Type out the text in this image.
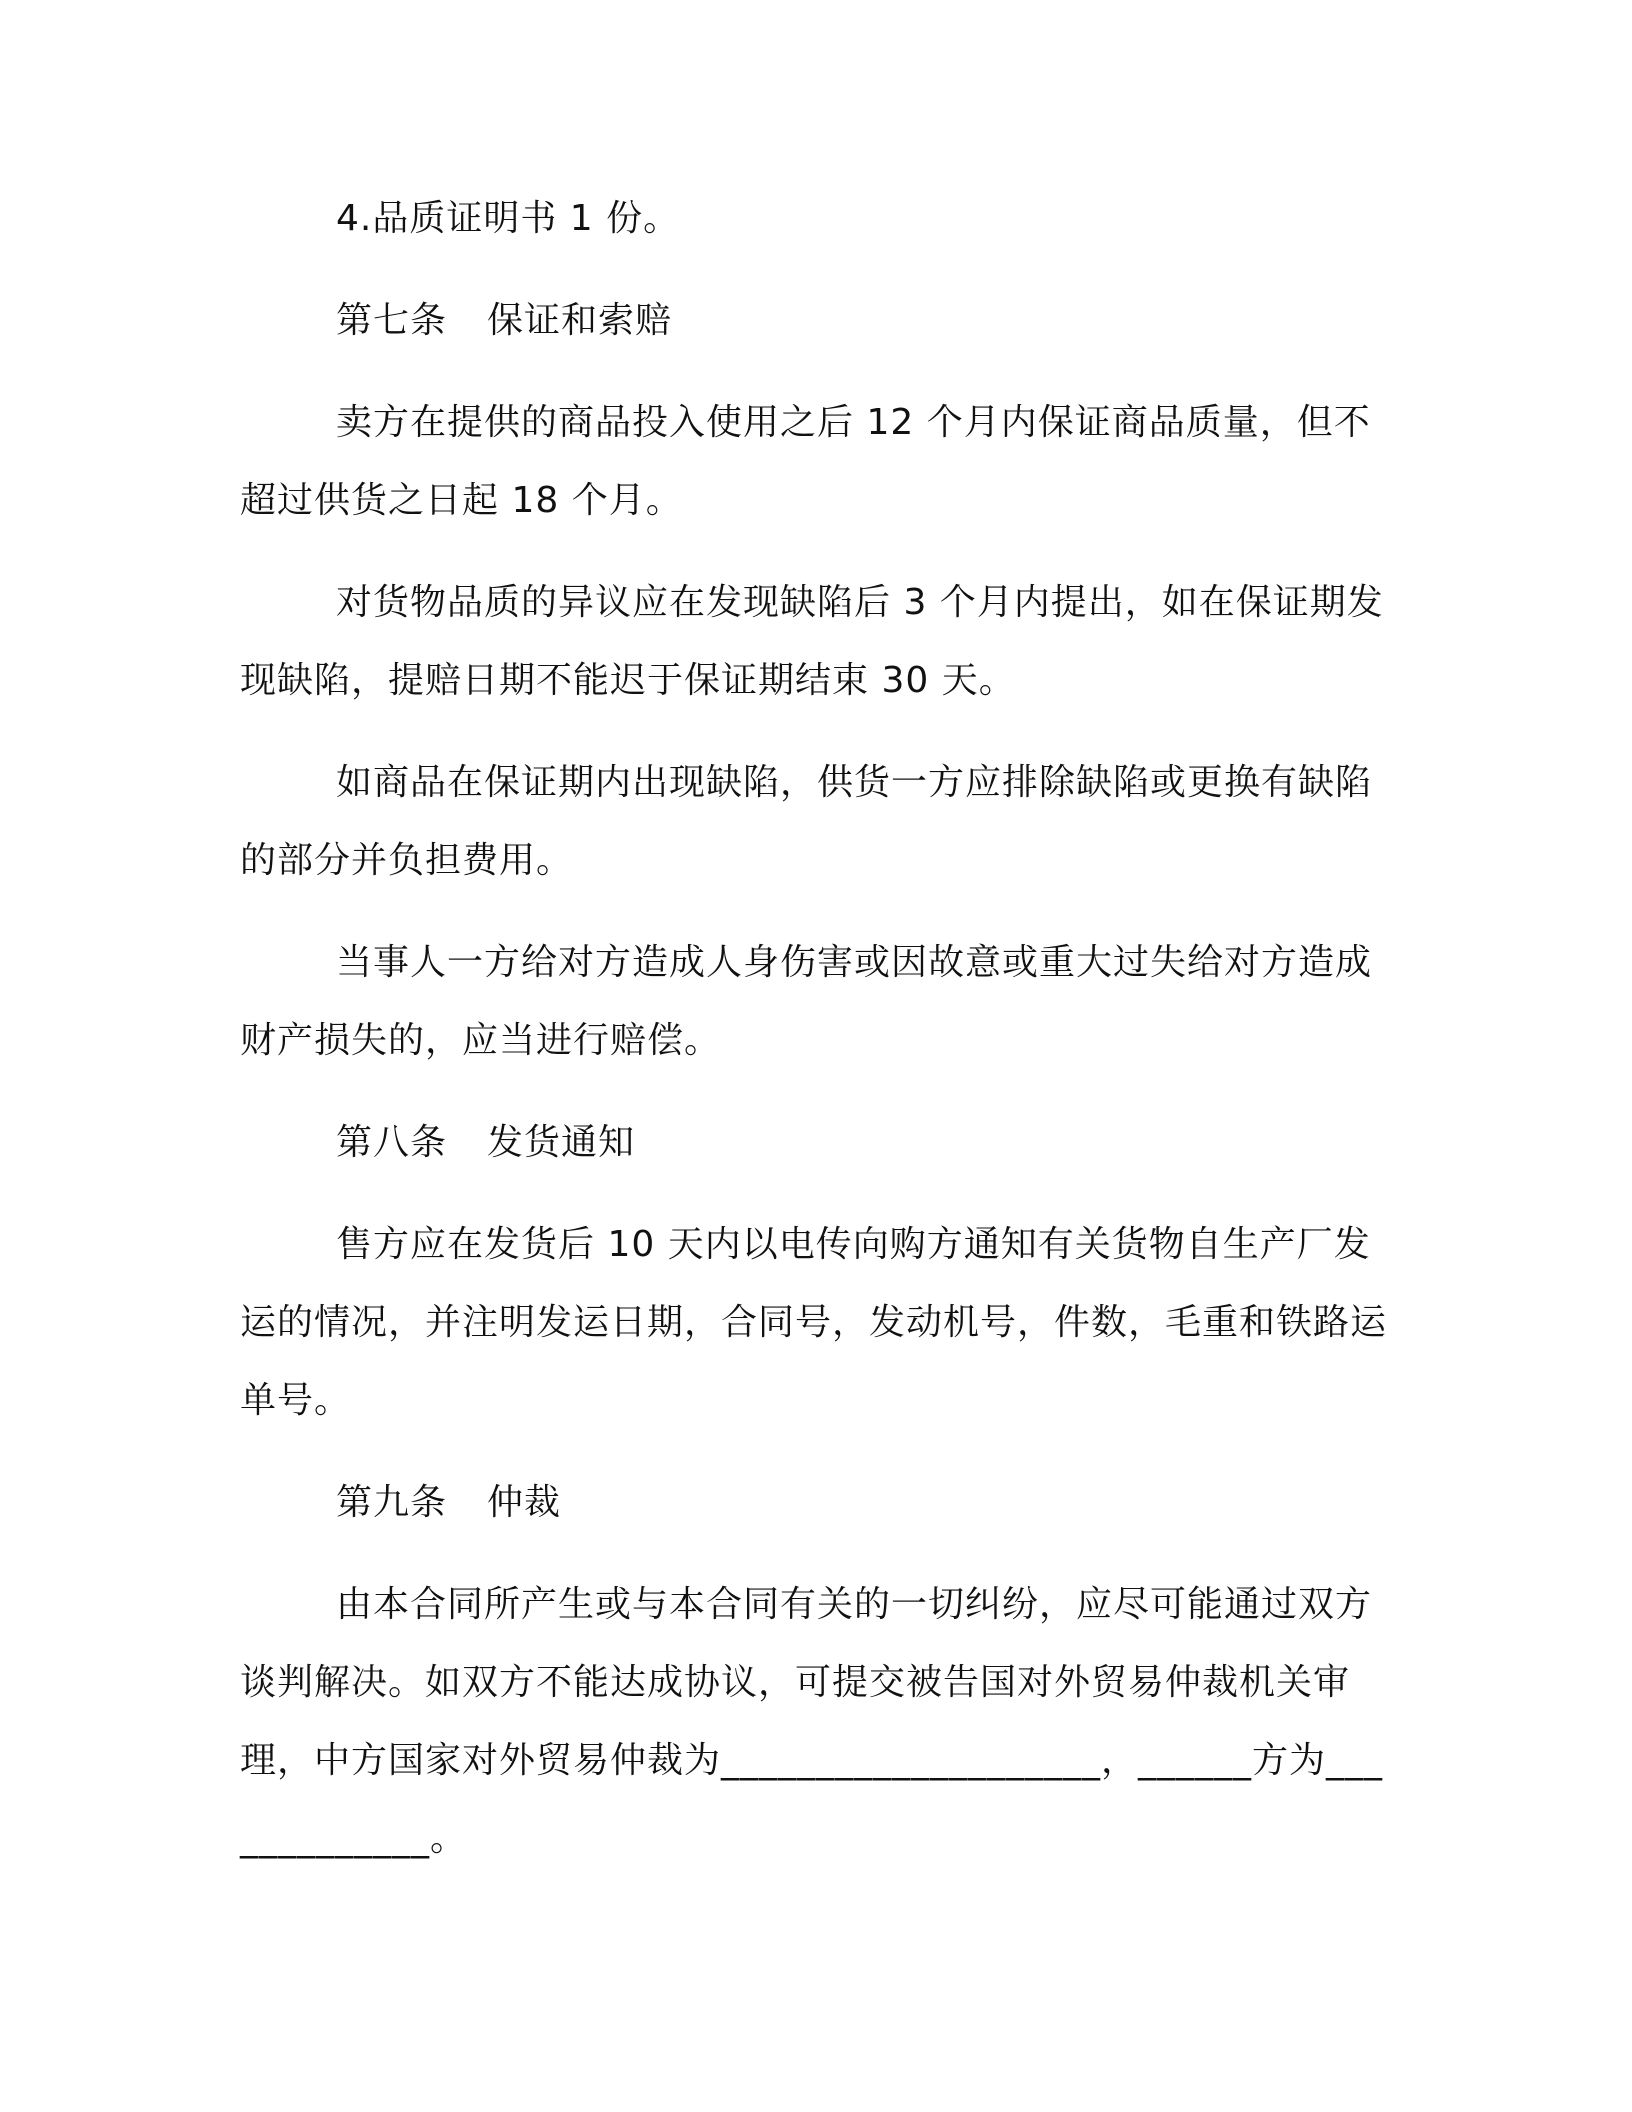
4.品质证明书 1 份。

第七条 保证和索赔

卖方在提供的商品投入使用之后 12 个月内保证商品质量，但不超过供货之日起 18 个月。

对货物品质的异议应在发现缺陷后 3 个月内提出，如在保证期发现缺陷，提赔日期不能迟于保证期结束 30 天。

如商品在保证期内出现缺陷，供货一方应排除缺陷或更换有缺陷的部分并负担费用。

当事人一方给对方造成人身伤害或因故意或重大过失给对方造成财产损失的，应当进行赔偿。

第八条 发货通知

售方应在发货后 10 天内以电传向购方通知有关货物自生产厂发运的情况，并注明发运日期，合同号，发动机号，件数，毛重和铁路运单号。

第九条 仲裁

由本合同所产生或与本合同有关的一切纠纷，应尽可能通过双方谈判解决。如双方不能达成协议，可提交被告国对外贸易仲裁机关审理，中方国家对外贸易仲裁为____________________，______方为_____________。
